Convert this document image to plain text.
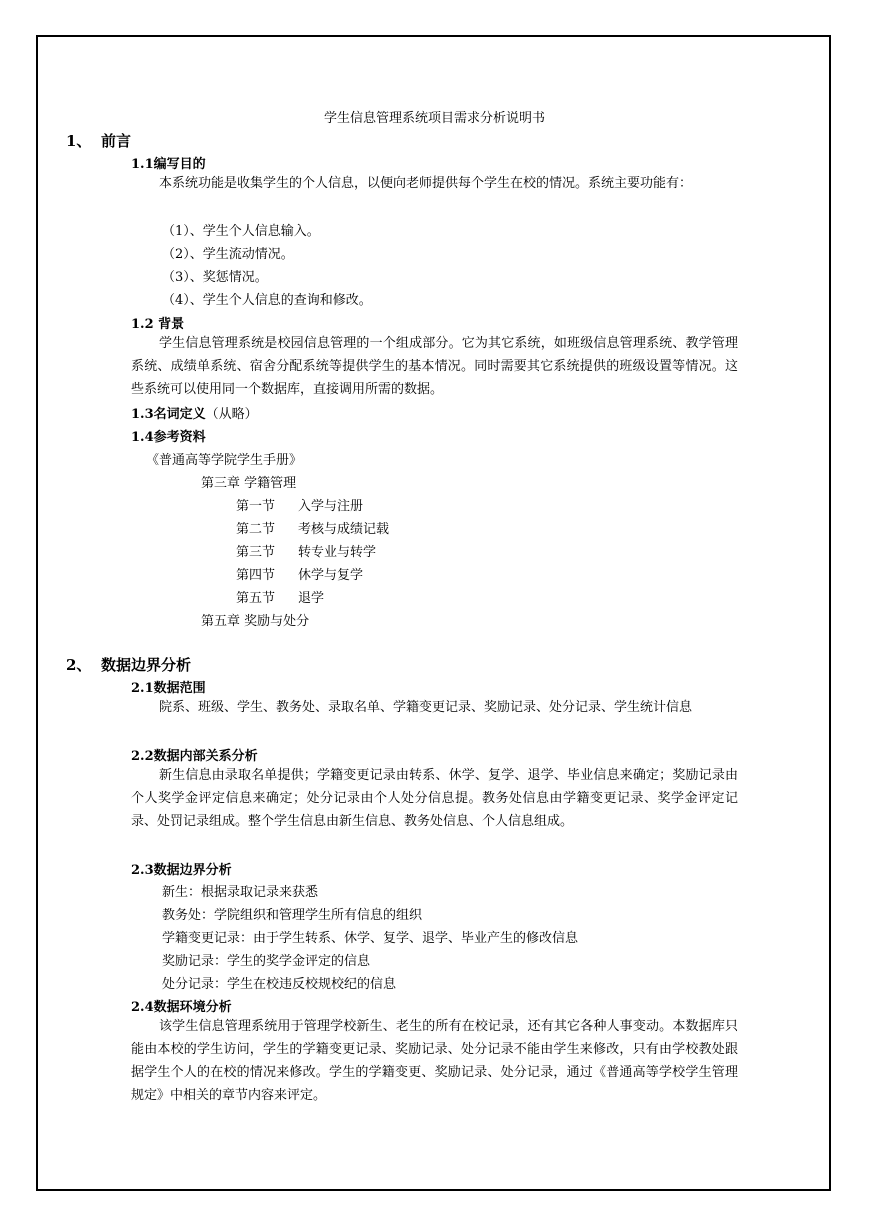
学生信息管理系统项目需求分析说明书
1、 前言
1.1编写目的

本系统功能是收集学生的个人信息，以便向老师提供每个学生在校的情况。系统主要功能有：

（1）、学生个人信息输入。
（2）、学生流动情况。
（3）、奖惩情况。
（4）、学生个人信息的查询和修改。
1.2 背景

学生信息管理系统是校园信息管理的一个组成部分。它为其它系统，如班级信息管理系统、教学管理系统、成绩单系统、宿舍分配系统等提供学生的基本情况。同时需要其它系统提供的班级设置等情况。这些系统可以使用同一个数据库，直接调用所需的数据。

1.3名词定义（从略）
1.4参考资料
《普通高等学院学生手册》
第三章 学籍管理
第一节 入学与注册
第二节 考核与成绩记载
第三节 转专业与转学
第四节 休学与复学
第五节 退学
第五章 奖励与处分
2、 数据边界分析
2.1数据范围

院系、班级、学生、教务处、录取名单、学籍变更记录、奖励记录、处分记录、学生统计信息

2.2数据内部关系分析

新生信息由录取名单提供；学籍变更记录由转系、休学、复学、退学、毕业信息来确定；奖励记录由个人奖学金评定信息来确定；处分记录由个人处分信息提。教务处信息由学籍变更记录、奖学金评定记录、处罚记录组成。整个学生信息由新生信息、教务处信息、个人信息组成。

2.3数据边界分析
新生：根据录取记录来获悉
教务处：学院组织和管理学生所有信息的组织
学籍变更记录：由于学生转系、休学、复学、退学、毕业产生的修改信息
奖励记录：学生的奖学金评定的信息
处分记录：学生在校违反校规校纪的信息
2.4数据环境分析

该学生信息管理系统用于管理学校新生、老生的所有在校记录，还有其它各种人事变动。本数据库只能由本校的学生访问，学生的学籍变更记录、奖励记录、处分记录不能由学生来修改，只有由学校教处跟据学生个人的在校的情况来修改。学生的学籍变更、奖励记录、处分记录，通过《普通高等学校学生管理规定》中相关的章节内容来评定。
